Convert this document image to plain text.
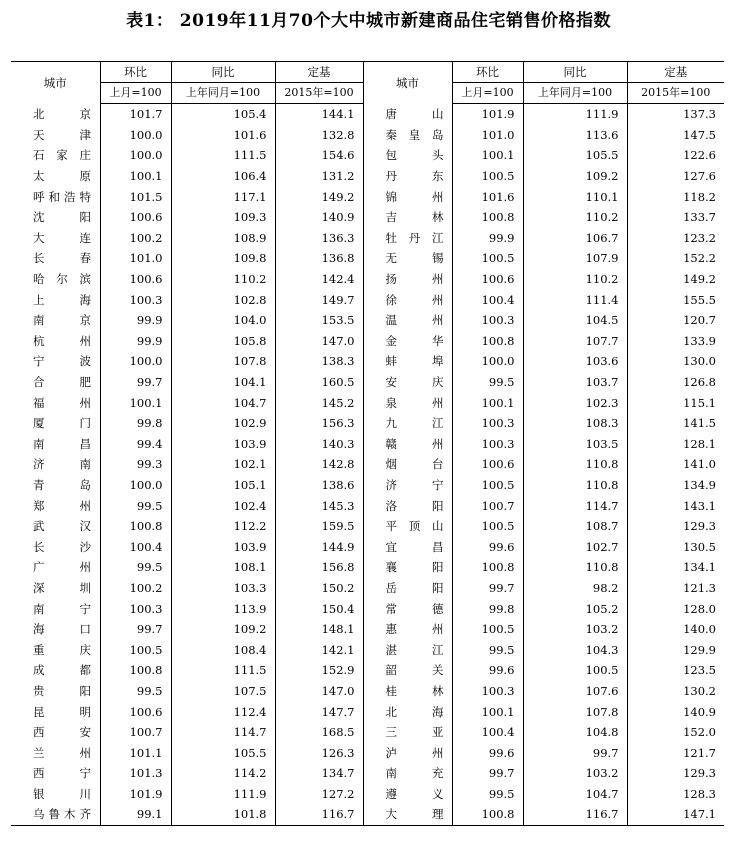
表1： 2019年11月70个大中城市新建商品住宅销售价格指数
城市	环比	同比	定基	城市	环比	同比	定基
	上月=100	上年同月=100	2015年=100		上月=100	上年同月=100	2015年=100
北　　京	101.7	105.4	144.1	唐　　山	101.9	111.9	137.3
天　　津	100.0	101.6	132.8	秦 皇 岛	101.0	113.6	147.5
石 家 庄	100.0	111.5	154.6	包　　头	100.1	105.5	122.6
太　　原	100.1	106.4	131.2	丹　　东	100.5	109.2	127.6
呼和浩特	101.5	117.1	149.2	锦　　州	101.6	110.1	118.2
沈　　阳	100.6	109.3	140.9	吉　　林	100.8	110.2	133.7
大　　连	100.2	108.9	136.3	牡 丹 江	99.9	106.7	123.2
长　　春	101.0	109.8	136.8	无　　锡	100.5	107.9	152.2
哈 尔 滨	100.6	110.2	142.4	扬　　州	100.6	110.2	149.2
上　　海	100.3	102.8	149.7	徐　　州	100.4	111.4	155.5
南　　京	99.9	104.0	153.5	温　　州	100.3	104.5	120.7
杭　　州	99.9	105.8	147.0	金　　华	100.8	107.7	133.9
宁　　波	100.0	107.8	138.3	蚌　　埠	100.0	103.6	130.0
合　　肥	99.7	104.1	160.5	安　　庆	99.5	103.7	126.8
福　　州	100.1	104.7	145.2	泉　　州	100.1	102.3	115.1
厦　　门	99.8	102.9	156.3	九　　江	100.3	108.3	141.5
南　　昌	99.4	103.9	140.3	赣　　州	100.3	103.5	128.1
济　　南	99.3	102.1	142.8	烟　　台	100.6	110.8	141.0
青　　岛	100.0	105.1	138.6	济　　宁	100.5	110.8	134.9
郑　　州	99.5	102.4	145.3	洛　　阳	100.7	114.7	143.1
武　　汉	100.8	112.2	159.5	平 顶 山	100.5	108.7	129.3
长　　沙	100.4	103.9	144.9	宜　　昌	99.6	102.7	130.5
广　　州	99.5	108.1	156.8	襄　　阳	100.8	110.8	134.1
深　　圳	100.2	103.3	150.2	岳　　阳	99.7	98.2	121.3
南　　宁	100.3	113.9	150.4	常　　德	99.8	105.2	128.0
海　　口	99.7	109.2	148.1	惠　　州	100.5	103.2	140.0
重　　庆	100.5	108.4	142.1	湛　　江	99.5	104.3	129.9
成　　都	100.8	111.5	152.9	韶　　关	99.6	100.5	123.5
贵　　阳	99.5	107.5	147.0	桂　　林	100.3	107.6	130.2
昆　　明	100.6	112.4	147.7	北　　海	100.1	107.8	140.9
西　　安	100.7	114.7	168.5	三　　亚	100.4	104.8	152.0
兰　　州	101.1	105.5	126.3	泸　　州	99.6	99.7	121.7
西　　宁	101.3	114.2	134.7	南　　充	99.7	103.2	129.3
银　　川	101.9	111.9	127.2	遵　　义	99.5	104.7	128.3
乌鲁木齐	99.1	101.8	116.7	大　　理	100.8	116.7	147.1
